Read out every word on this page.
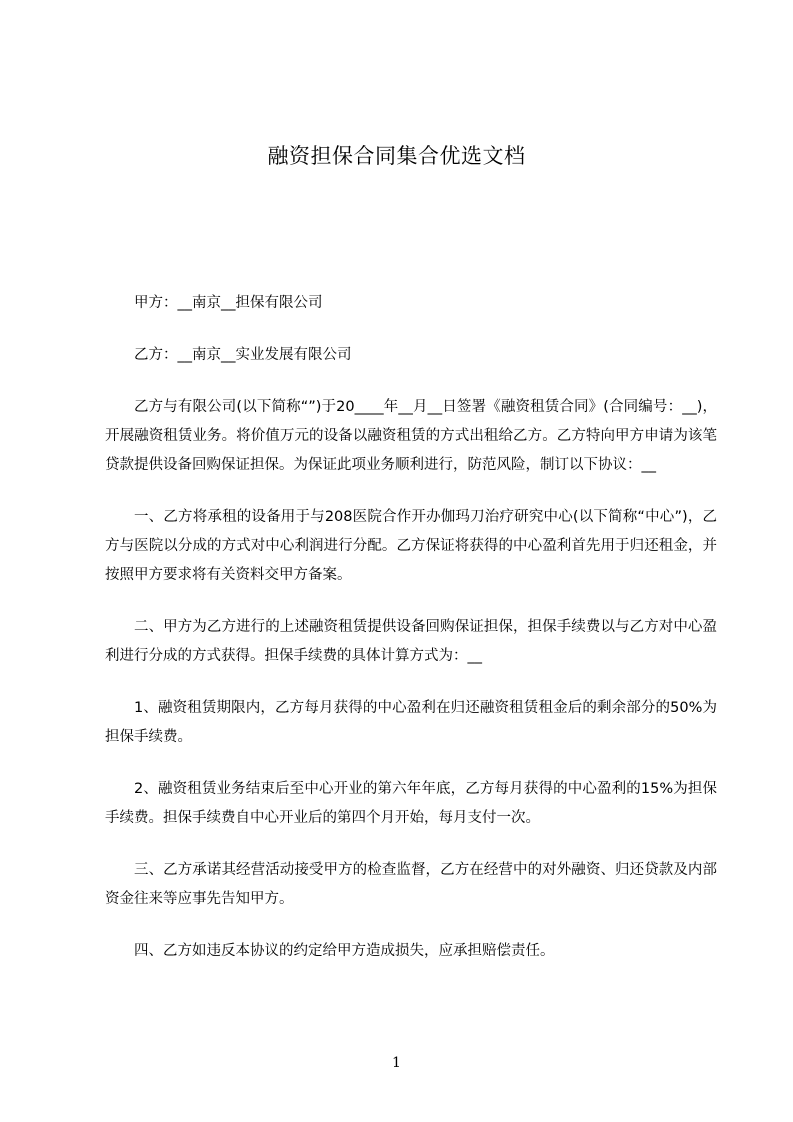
融资担保合同集合优选文档

甲方：__南京__担保有限公司

乙方：__南京__实业发展有限公司

乙方与有限公司(以下简称“”)于20____年__月__日签署《融资租赁合同》(合同编号：__)，开展融资租赁业务。将价值万元的设备以融资租赁的方式出租给乙方。乙方特向甲方申请为该笔贷款提供设备回购保证担保。为保证此项业务顺利进行，防范风险，制订以下协议：__

一、乙方将承租的设备用于与208医院合作开办伽玛刀治疗研究中心(以下简称“中心”)，乙方与医院以分成的方式对中心利润进行分配。乙方保证将获得的中心盈利首先用于归还租金，并按照甲方要求将有关资料交甲方备案。

二、甲方为乙方进行的上述融资租赁提供设备回购保证担保，担保手续费以与乙方对中心盈利进行分成的方式获得。担保手续费的具体计算方式为：__

1、融资租赁期限内，乙方每月获得的中心盈利在归还融资租赁租金后的剩余部分的50%为担保手续费。

2、融资租赁业务结束后至中心开业的第六年年底，乙方每月获得的中心盈利的15%为担保手续费。担保手续费自中心开业后的第四个月开始，每月支付一次。

三、乙方承诺其经营活动接受甲方的检查监督，乙方在经营中的对外融资、归还贷款及内部资金往来等应事先告知甲方。

四、乙方如违反本协议的约定给甲方造成损失，应承担赔偿责任。

1
